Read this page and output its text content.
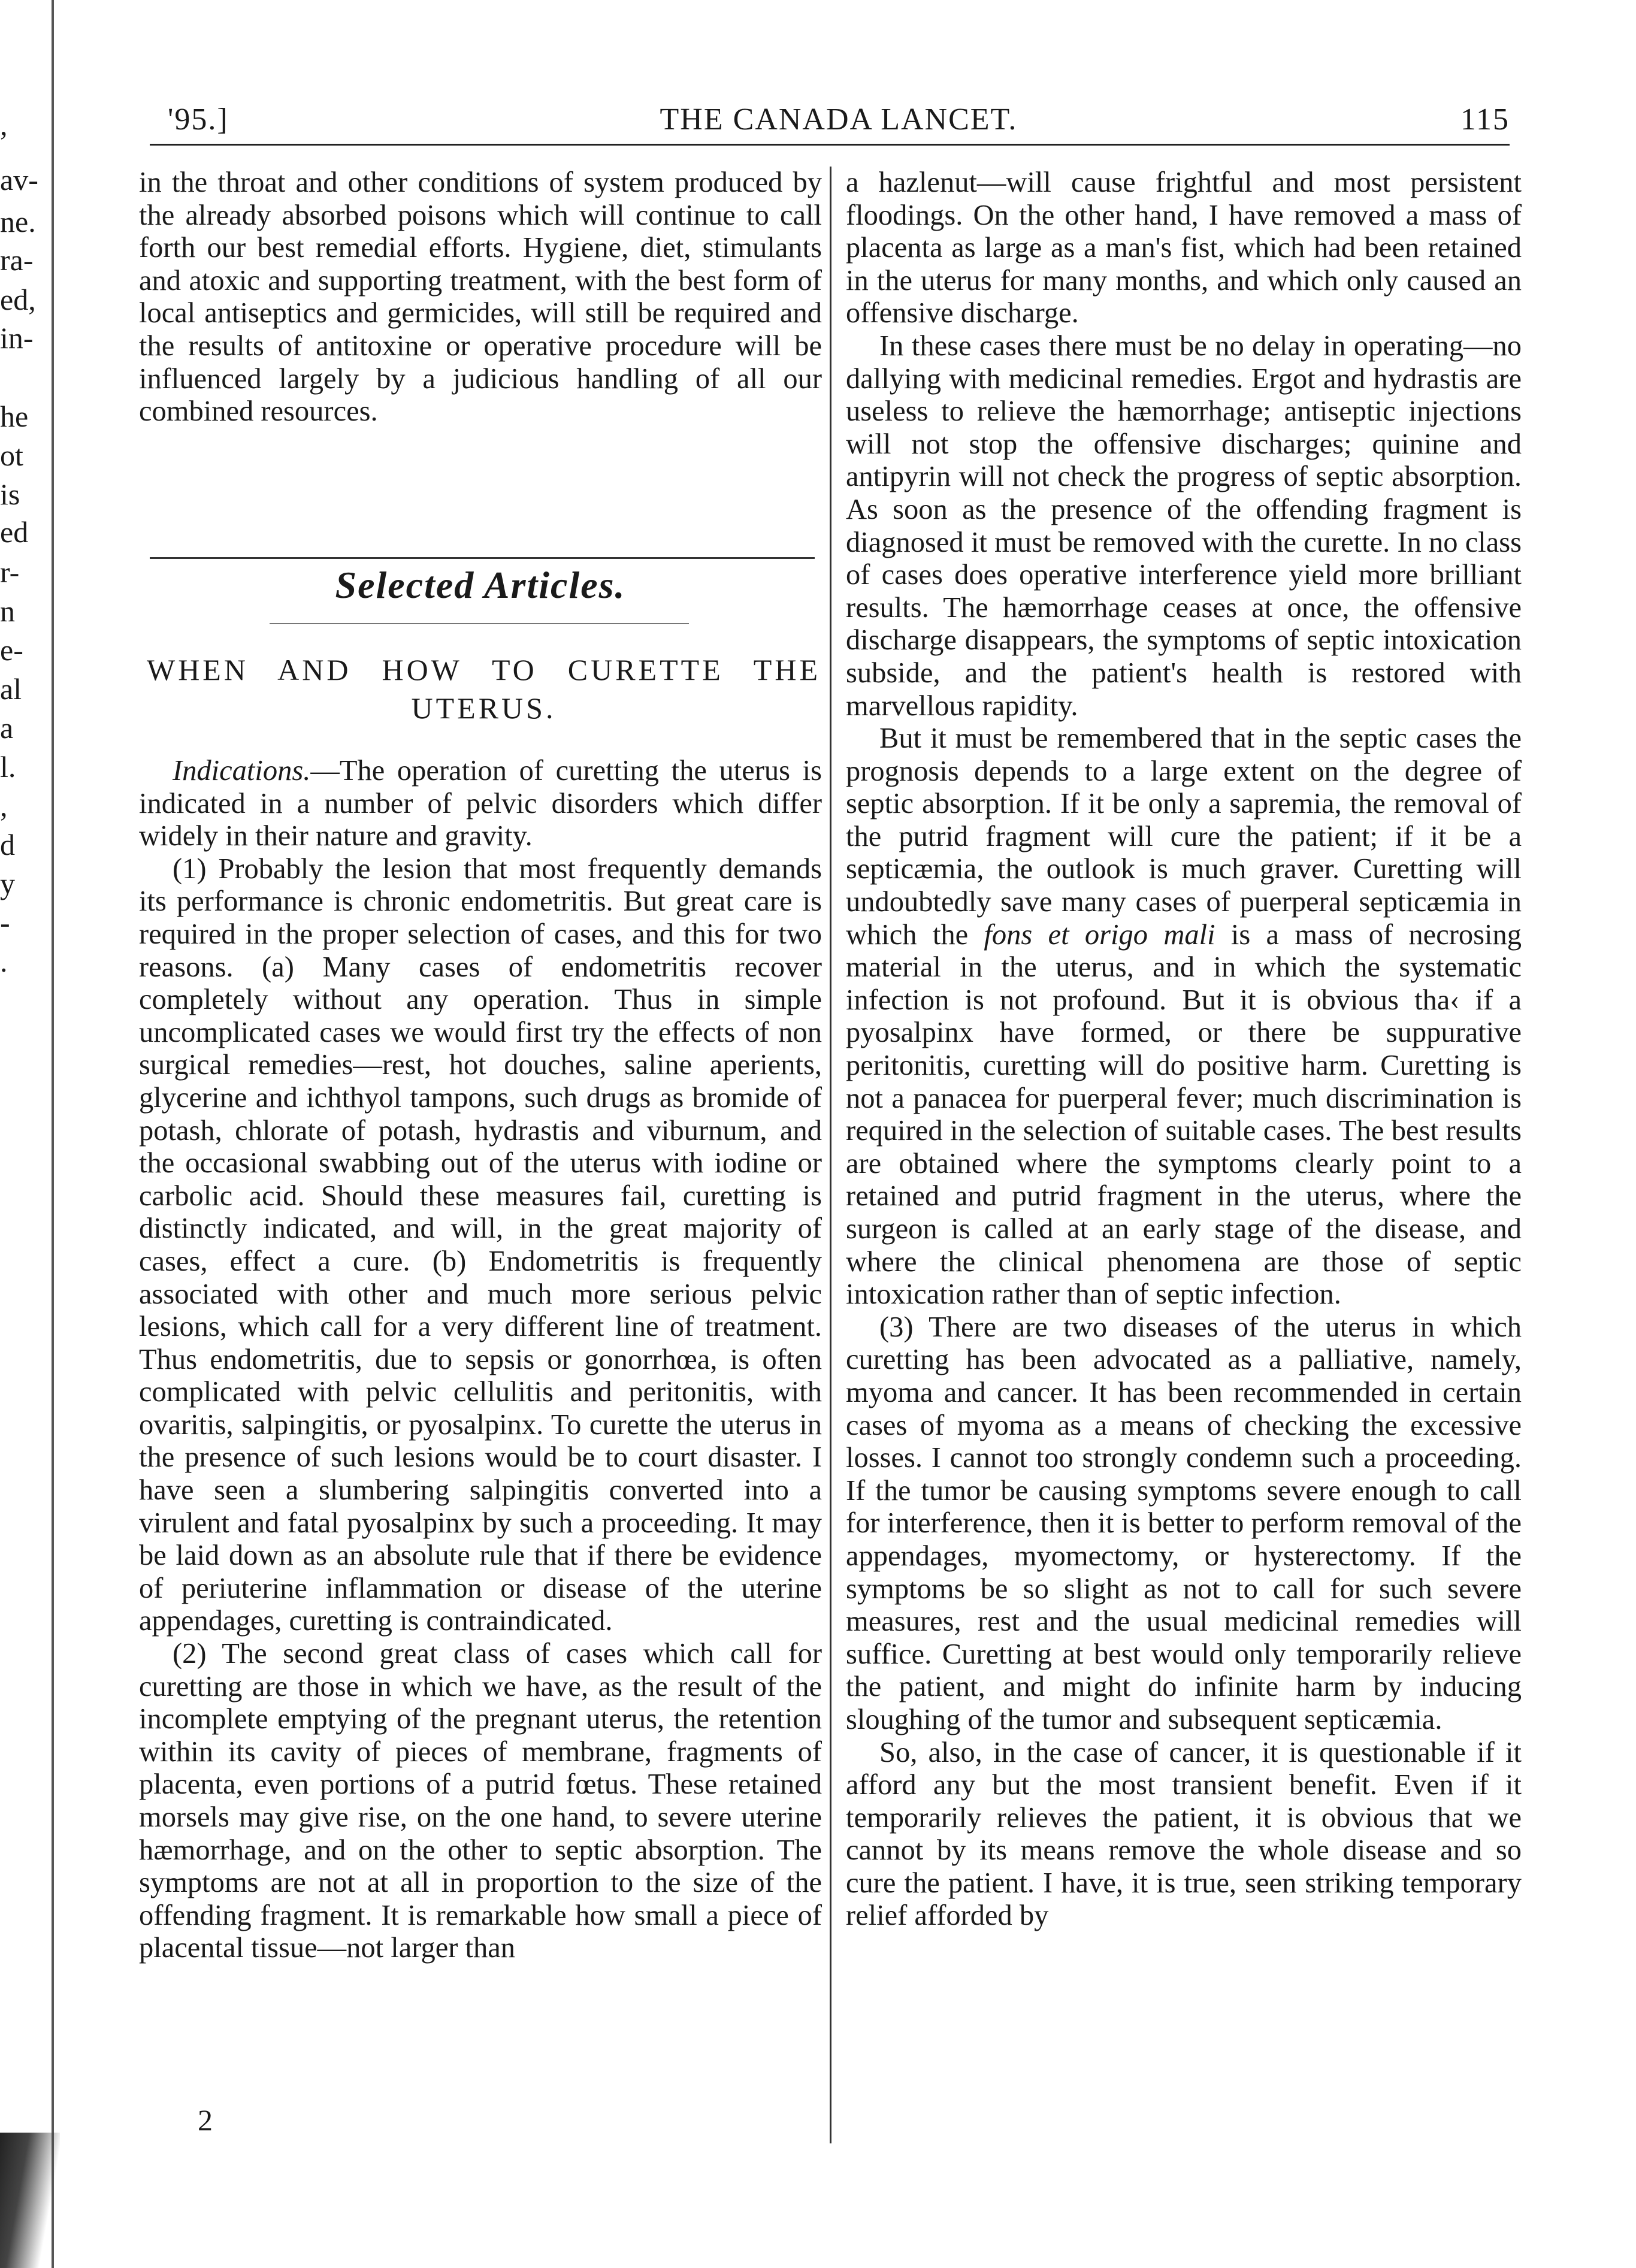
,
av-
ne.
ra-
ed,
in-
he
ot
is
ed
r-
n
e-
al
a
l.
,
d
y
-
.
'95.]	THE CANADA LANCET.	115

in the throat and other conditions of system produced by the already absorbed poisons which will continue to call forth our best remedial efforts. Hygiene, diet, stimulants and atoxic and supporting treatment, with the best form of local antiseptics and germicides, will still be required and the results of antitoxine or operative procedure will be influenced largely by a judicious handling of all our combined resources.

Selected Articles.
WHEN AND HOW TO CURETTE THE
UTERUS.

Indications.—The operation of curetting the uterus is indicated in a number of pelvic disorders which differ widely in their nature and gravity.

(1) Probably the lesion that most frequently demands its performance is chronic endometritis. But great care is required in the proper selection of cases, and this for two reasons. (a) Many cases of endometritis recover completely without any operation. Thus in simple uncomplicated cases we would first try the effects of non surgical remedies—rest, hot douches, saline aperients, glycerine and ichthyol tampons, such drugs as bromide of potash, chlorate of potash, hydrastis and viburnum, and the occasional swabbing out of the uterus with iodine or carbolic acid. Should these measures fail, curetting is distinctly indicated, and will, in the great majority of cases, effect a cure. (b) Endometritis is frequently associated with other and much more serious pelvic lesions, which call for a very different line of treatment. Thus endometritis, due to sepsis or gonorrhœa, is often complicated with pelvic cellulitis and peritonitis, with ovaritis, salpingitis, or pyosalpinx. To curette the uterus in the presence of such lesions would be to court disaster. I have seen a slumbering salpingitis converted into a virulent and fatal pyosalpinx by such a proceeding. It may be laid down as an absolute rule that if there be evidence of periuterine inflammation or disease of the uterine appendages, curetting is contraindicated.

(2) The second great class of cases which call for curetting are those in which we have, as the result of the incomplete emptying of the pregnant uterus, the retention within its cavity of pieces of membrane, fragments of placenta, even portions of a putrid fœtus. These retained morsels may give rise, on the one hand, to severe uterine hæmorrhage, and on the other to septic absorption. The symptoms are not at all in proportion to the size of the offending fragment. It is remarkable how small a piece of placental tissue—not larger than

2

a hazlenut—will cause frightful and most persistent floodings. On the other hand, I have removed a mass of placenta as large as a man's fist, which had been retained in the uterus for many months, and which only caused an offensive discharge.

In these cases there must be no delay in operating—no dallying with medicinal remedies. Ergot and hydrastis are useless to relieve the hæmorrhage; antiseptic injections will not stop the offensive discharges; quinine and antipyrin will not check the progress of septic absorption. As soon as the presence of the offending fragment is diagnosed it must be removed with the curette. In no class of cases does operative interference yield more brilliant results. The hæmorrhage ceases at once, the offensive discharge disappears, the symptoms of septic intoxication subside, and the patient's health is restored with marvellous rapidity.

But it must be remembered that in the septic cases the prognosis depends to a large extent on the degree of septic absorption. If it be only a sapremia, the removal of the putrid fragment will cure the patient; if it be a septicæmia, the outlook is much graver. Curetting will undoubtedly save many cases of puerperal septicæmia in which the fons et origo mali is a mass of necrosing material in the uterus, and in which the systematic infection is not profound. But it is obvious tha‹ if a pyosalpinx have formed, or there be suppurative peritonitis, curetting will do positive harm. Curetting is not a panacea for puerperal fever; much discrimination is required in the selection of suitable cases. The best results are obtained where the symptoms clearly point to a retained and putrid fragment in the uterus, where the surgeon is called at an early stage of the disease, and where the clinical phenomena are those of septic intoxication rather than of septic infection.

(3) There are two diseases of the uterus in which curetting has been advocated as a palliative, namely, myoma and cancer. It has been recommended in certain cases of myoma as a means of checking the excessive losses. I cannot too strongly condemn such a proceeding. If the tumor be causing symptoms severe enough to call for interference, then it is better to perform removal of the appendages, myomectomy, or hysterectomy. If the symptoms be so slight as not to call for such severe measures, rest and the usual medicinal remedies will suffice. Curetting at best would only temporarily relieve the patient, and might do infinite harm by inducing sloughing of the tumor and subsequent septicæmia.

So, also, in the case of cancer, it is questionable if it afford any but the most transient benefit. Even if it temporarily relieves the patient, it is obvious that we cannot by its means remove the whole disease and so cure the patient. I have, it is true, seen striking temporary relief afforded by
